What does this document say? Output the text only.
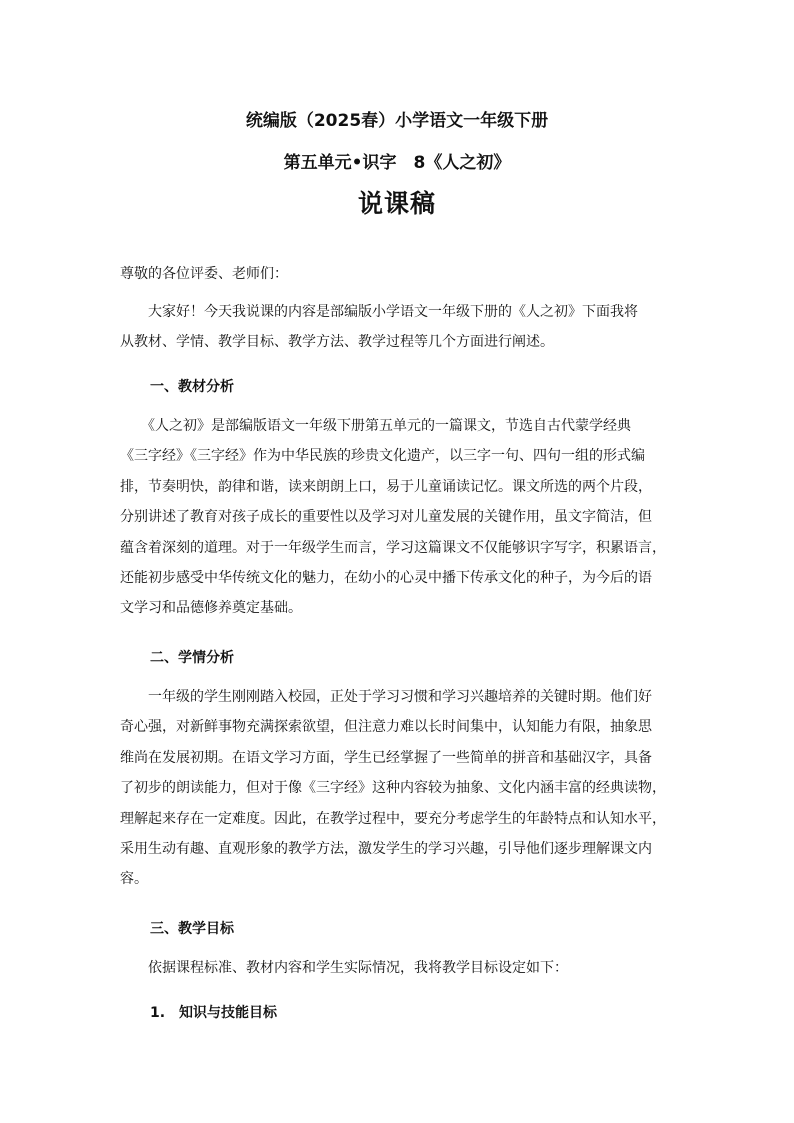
统编版（2025春）小学语文一年级下册
第五单元•识字　8《人之初》
说课稿
尊敬的各位评委、老师们：
　　大家好！今天我说课的内容是部编版小学语文一年级下册的《人之初》下面我将
从教材、学情、教学目标、教学方法、教学过程等几个方面进行阐述。
一、教材分析
　　《人之初》是部编版语文一年级下册第五单元的一篇课文，节选自古代蒙学经典
《三字经》《三字经》作为中华民族的珍贵文化遗产，以三字一句、四句一组的形式编
排，节奏明快，韵律和谐，读来朗朗上口，易于儿童诵读记忆。课文所选的两个片段，
分别讲述了教育对孩子成长的重要性以及学习对儿童发展的关键作用，虽文字简洁，但
蕴含着深刻的道理。对于一年级学生而言，学习这篇课文不仅能够识字写字，积累语言，
还能初步感受中华传统文化的魅力，在幼小的心灵中播下传承文化的种子，为今后的语
文学习和品德修养奠定基础。
二、学情分析
　　一年级的学生刚刚踏入校园，正处于学习习惯和学习兴趣培养的关键时期。他们好
奇心强，对新鲜事物充满探索欲望，但注意力难以长时间集中，认知能力有限，抽象思
维尚在发展初期。在语文学习方面，学生已经掌握了一些简单的拼音和基础汉字，具备
了初步的朗读能力，但对于像《三字经》这种内容较为抽象、文化内涵丰富的经典读物，
理解起来存在一定难度。因此，在教学过程中，要充分考虑学生的年龄特点和认知水平，
采用生动有趣、直观形象的教学方法，激发学生的学习兴趣，引导他们逐步理解课文内
容。
三、教学目标
　　依据课程标准、教材内容和学生实际情况，我将教学目标设定如下：
1.　知识与技能目标
